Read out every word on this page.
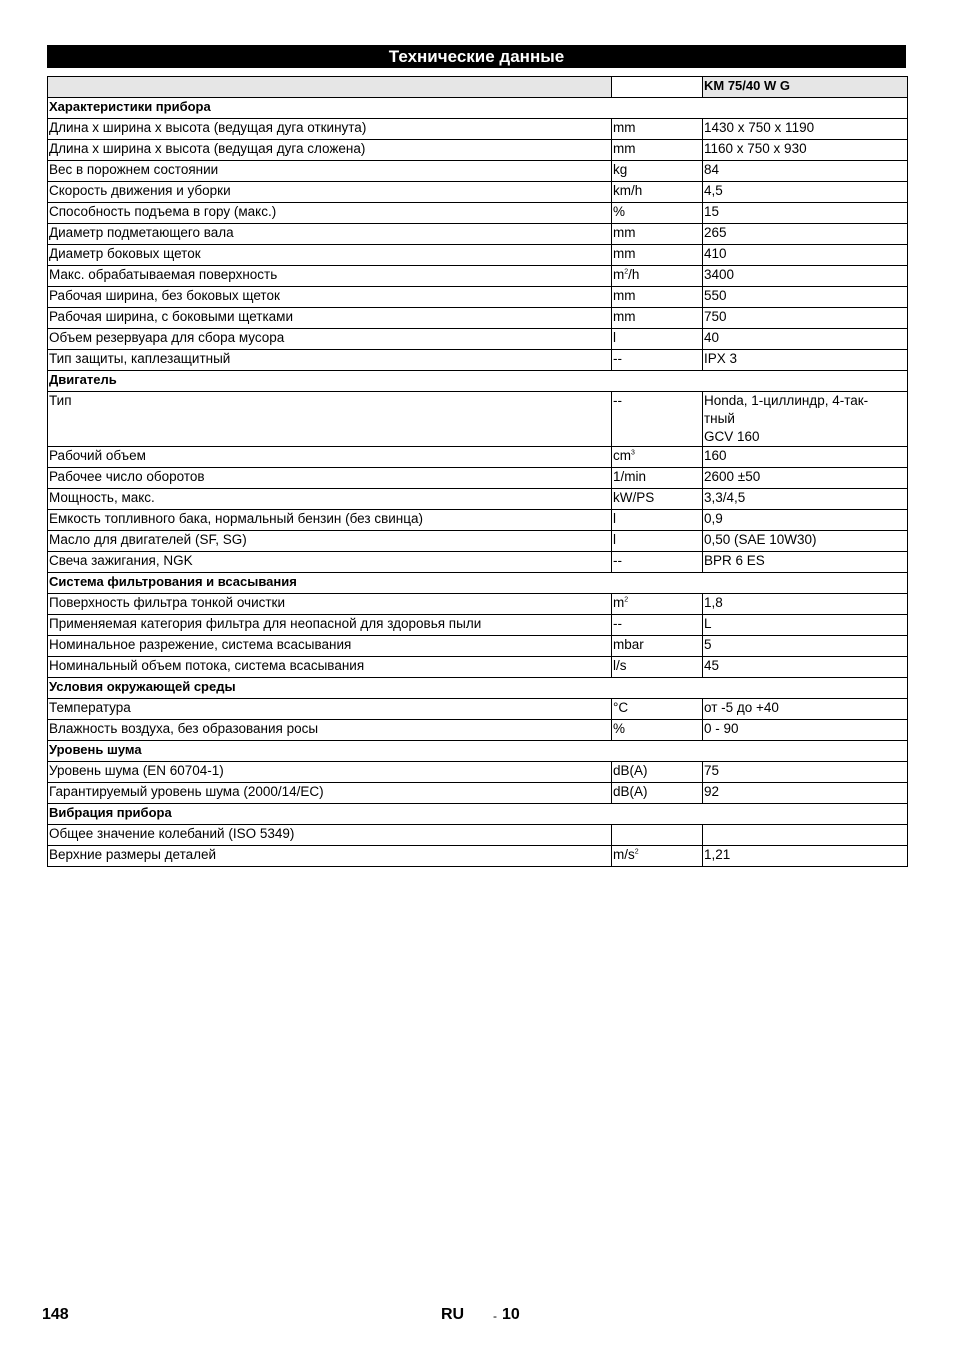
Технические данные
		KM 75/40 W G
Характеристики прибора		
Длина x ширина x высота (ведущая дуга откинута)	mm	1430 x 750 x 1190
Длина x ширина x высота (ведущая дуга сложена)	mm	1160 x 750 x 930
Вес в порожнем состоянии	kg	84
Скорость движения и уборки	km/h	4,5
Способность подъема в гору (макс.)	%	15
Диаметр подметающего вала	mm	265
Диаметр боковых щеток	mm	410
Макс. обрабатываемая поверхность	$m^2/h$	3400
Рабочая ширина, без боковых щеток	mm	550
Рабочая ширина, с боковыми щетками	mm	750
Объем резервуара для сбора мусора	l	40
Тип защиты, каплезащитный	--	IPX 3
Двигатель		
Тип	--	Honda, 1-циллиндр, 4-так-
тный
GCV 160
Рабочий объем	$cm^3$	160
Рабочее число оборотов	1/min	2600 ±50
Мощность, макс.	kW/PS	3,3/4,5
Емкость топливного бака, нормальный бензин (без свинца)	l	0,9
Масло для двигателей (SF, SG)	l	0,50 (SAE 10W30)
Свеча зажигания, NGK	--	BPR 6 ES
Система фильтрования и всасывания		
Поверхность фильтра тонкой очистки	$m^2$	1,8
Применяемая категория фильтра для неопасной для здоровья пыли	--	L
Номинальное разрежение, система всасывания	mbar	5
Номинальный объем потока, система всасывания	l/s	45
Условия окружающей среды		
Температура	°C	от -5 до +40
Влажность воздуха, без образования росы	%	0 - 90
Уровень шума		
Уровень шума (EN 60704-1)	dB(A)	75
Гарантируемый уровень шума (2000/14/EC)	dB(A)	92
Вибрация прибора		
Общее значение колебаний (ISO 5349)		
Верхние размеры деталей	$m/s^2$	1,21
148	RU - 10
